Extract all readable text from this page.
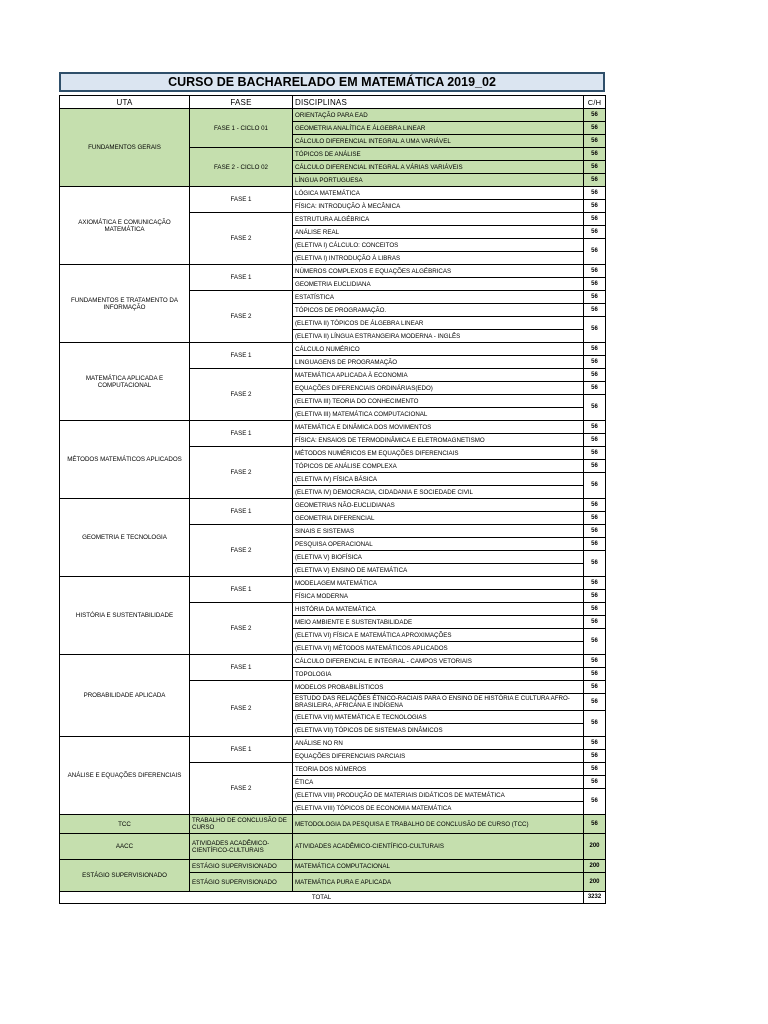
CURSO DE BACHARELADO EM MATEMÁTICA 2019_02
UTA	FASE	DISCIPLINAS	C/H
FUNDAMENTOS GERAIS	FASE 1 - CICLO 01	ORIENTAÇÃO PARA EAD	56
		GEOMETRIA ANALÍTICA E ÁLGEBRA LINEAR	56
		CÁLCULO DIFERENCIAL INTEGRAL A UMA VARIÁVEL	56
	FASE 2 - CICLO 02	TÓPICOS DE ANÁLISE	56
		CÁLCULO DIFERENCIAL INTEGRAL A VÁRIAS VARIÁVEIS	56
		LÍNGUA PORTUGUESA	56
AXIOMÁTICA E COMUNICAÇÃO MATEMÁTICA	FASE 1	LÓGICA MATEMÁTICA	56
		FÍSICA: INTRODUÇÃO À MECÂNICA	56
	FASE 2	ESTRUTURA ALGÉBRICA	56
		ANÁLISE REAL	56
		(ELETIVA I) CÁLCULO: CONCEITOS	56
		(ELETIVA I) INTRODUÇÃO À LIBRAS	
FUNDAMENTOS E TRATAMENTO DA INFORMAÇÃO	FASE 1	NÚMEROS COMPLEXOS E EQUAÇÕES ALGÉBRICAS	56
		GEOMETRIA EUCLIDIANA	56
	FASE 2	ESTATÍSTICA	56
		TÓPICOS DE PROGRAMAÇÃO.	56
		(ELETIVA II) TÓPICOS DE ÁLGEBRA LINEAR	56
		(ELETIVA II) LÍNGUA ESTRANGEIRA MODERNA - INGLÊS	
MATEMÁTICA APLICADA E COMPUTACIONAL	FASE 1	CÁLCULO NUMÉRICO	56
		LINGUAGENS DE PROGRAMAÇÃO	56
	FASE 2	MATEMÁTICA APLICADA À ECONOMIA	56
		EQUAÇÕES DIFERENCIAIS ORDINÁRIAS(EDO)	56
		(ELETIVA III) TEORIA DO CONHECIMENTO	56
		(ELETIVA III) MATEMÁTICA COMPUTACIONAL	
MÉTODOS MATEMÁTICOS APLICADOS	FASE 1	MATEMÁTICA E DINÂMICA DOS MOVIMENTOS	56
		FÍSICA: ENSAIOS DE TERMODINÂMICA E ELETROMAGNETISMO	56
	FASE 2	MÉTODOS NUMÉRICOS EM EQUAÇÕES DIFERENCIAIS	56
		TÓPICOS DE ANÁLISE COMPLEXA	56
		(ELETIVA IV) FÍSICA BÁSICA	56
		(ELETIVA IV) DEMOCRACIA, CIDADANIA E SOCIEDADE CIVIL	
GEOMETRIA E TECNOLOGIA	FASE 1	GEOMETRIAS NÃO-EUCLIDIANAS	56
		GEOMETRIA DIFERENCIAL	56
	FASE 2	SINAIS E SISTEMAS	56
		PESQUISA OPERACIONAL	56
		(ELETIVA V) BIOFÍSICA	56
		(ELETIVA V) ENSINO DE MATEMÁTICA	
HISTÓRIA E SUSTENTABILIDADE	FASE 1	MODELAGEM MATEMÁTICA	56
		FÍSICA MODERNA	56
	FASE 2	HISTÓRIA DA MATEMÁTICA	56
		MEIO AMBIENTE E SUSTENTABILIDADE	56
		(ELETIVA VI) FÍSICA E MATEMÁTICA APROXIMAÇÕES	56
		(ELETIVA VI) MÉTODOS MATEMÁTICOS APLICADOS	
PROBABILIDADE APLICADA	FASE 1	CÁLCULO DIFERENCIAL E INTEGRAL - CAMPOS VETORIAIS	56
		TOPOLOGIA	56
	FASE 2	MODELOS PROBABILÍSTICOS	56
		ESTUDO DAS RELAÇÕES ÉTNICO-RACIAIS PARA O ENSINO DE HISTÓRIA E CULTURA AFRO-BRASILEIRA, AFRICANA E INDÍGENA	56
		(ELETIVA VII) MATEMÁTICA E TECNOLOGIAS	56
		(ELETIVA VII) TÓPICOS DE SISTEMAS DINÂMICOS	
ANÁLISE E EQUAÇÕES DIFERENCIAIS	FASE 1	ANÁLISE NO RN	56
		EQUAÇÕES DIFERENCIAIS PARCIAIS	56
	FASE 2	TEORIA DOS NÚMEROS	56
		ÉTICA	56
		(ELETIVA VIII) PRODUÇÃO DE MATERIAIS DIDÁTICOS DE MATEMÁTICA	56
		(ELETIVA VIII) TÓPICOS DE ECONOMIA MATEMÁTICA	
TCC	TRABALHO DE CONCLUSÃO DE CURSO	METODOLOGIA DA PESQUISA E TRABALHO DE CONCLUSÃO DE CURSO (TCC)	56
AACC	ATIVIDADES ACADÊMICO-CIENTÍFICO-CULTURAIS	ATIVIDADES ACADÊMICO-CIENTÍFICO-CULTURAIS	200
ESTÁGIO SUPERVISIONADO	ESTÁGIO SUPERVISIONADO	MATEMÁTICA COMPUTACIONAL	200
	ESTÁGIO SUPERVISIONADO	MATEMÁTICA PURA E APLICADA	200
TOTAL			3232
